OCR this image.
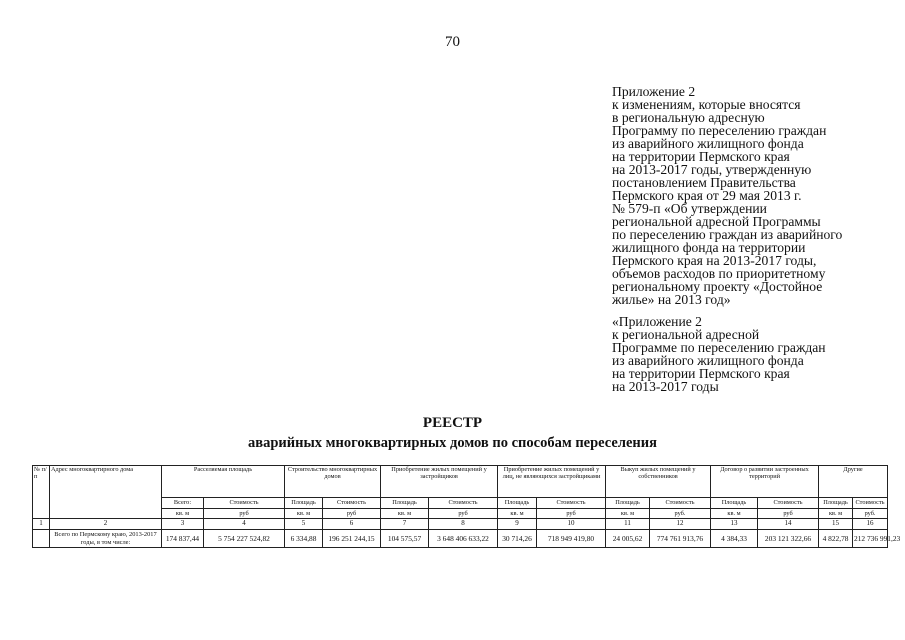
70
Приложение 2
к изменениям, которые вносятся
в региональную адресную
Программу по переселению граждан
из аварийного жилищного фонда
на территории Пермского края
на 2013-2017 годы, утвержденную
постановлением Правительства
Пермского края от 29 мая 2013 г.
№ 579-п «Об утверждении
региональной адресной Программы
по переселению граждан из аварийного
жилищного фонда на территории
Пермского края на 2013-2017 годы,
объемов расходов по приоритетному
региональному проекту «Достойное
жилье» на 2013 год»
«Приложение 2
к региональной адресной
Программе по переселению граждан
из аварийного жилищного фонда
на территории Пермского края
на 2013-2017 годы
РЕЕСТР
аварийных многоквартирных домов по способам переселения
№ п/п	Адрес многоквартирного дома	Расселяемая площадь		Строительство многоквартирных домов		Приобретение жилых помещений у застройщиков		Приобретение жилых помещений у лиц, не являющихся застройщиками		Выкуп жилых помещений у собственников		Договор о развитии застроенных территорий		Другие	
		Всего:	Стоимость	Площадь	Стоимость	Площадь	Стоимость	Площадь	Стоимость	Площадь	Стоимость	Площадь	Стоимость	Площадь	Стоимость
		кв. м	руб	кв. м	руб	кв. м	руб	кв. м	руб	кв. м	руб.	кв. м	руб	кв. м	руб.
1	2	3	4	5	6	7	8	9	10	11	12	13	14	15	16
	Всего по Пермскому краю, 2013-2017 годы, в том числе:	174 837,44	5 754 227 524,82	6 334,88	196 251 244,15	104 575,57	3 648 406 633,22	30 714,26	718 949 419,80	24 005,62	774 761 913,76	4 384,33	203 121 322,66	4 822,78	212 736 991,23
